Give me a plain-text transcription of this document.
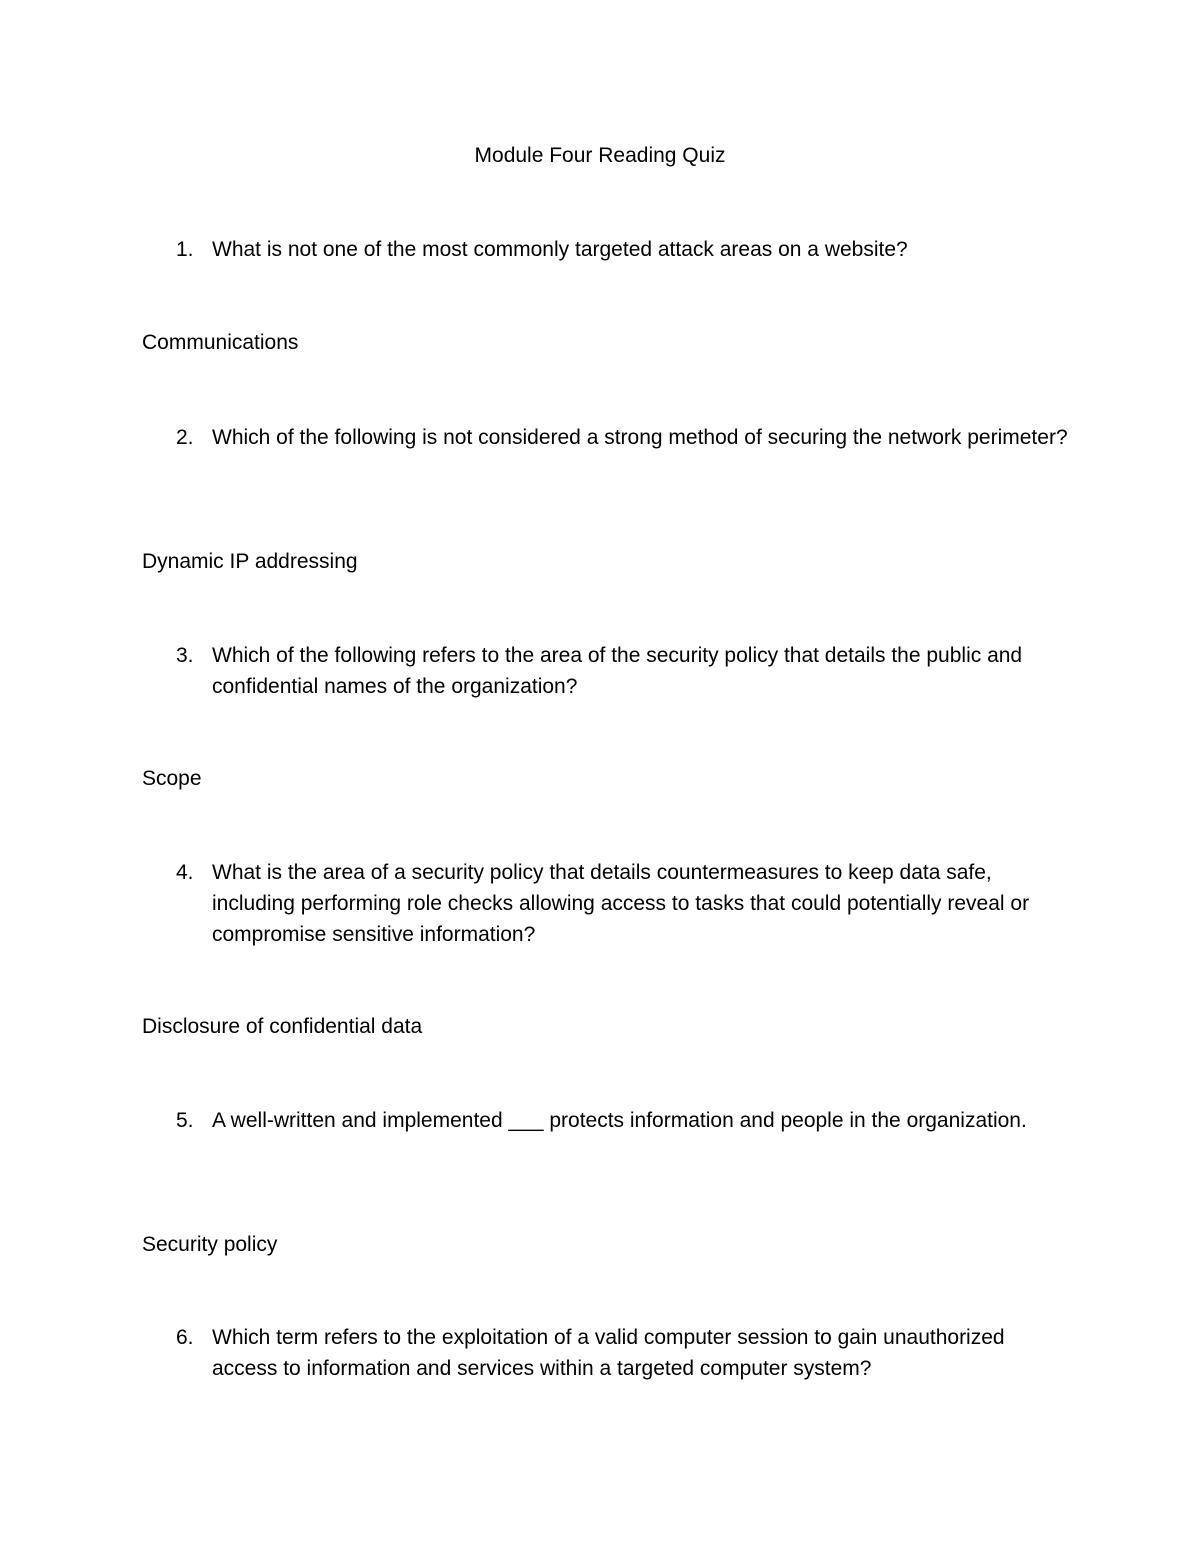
Module Four Reading Quiz
1. What is not one of the most commonly targeted attack areas on a website?
Communications
2. Which of the following is not considered a strong method of securing the network perimeter?
Dynamic IP addressing
3. Which of the following refers to the area of the security policy that details the public and confidential names of the organization?
Scope
4. What is the area of a security policy that details countermeasures to keep data safe, including performing role checks allowing access to tasks that could potentially reveal or compromise sensitive information?
Disclosure of confidential data
5. A well-written and implemented ___ protects information and people in the organization.
Security policy
6. Which term refers to the exploitation of a valid computer session to gain unauthorized access to information and services within a targeted computer system?
